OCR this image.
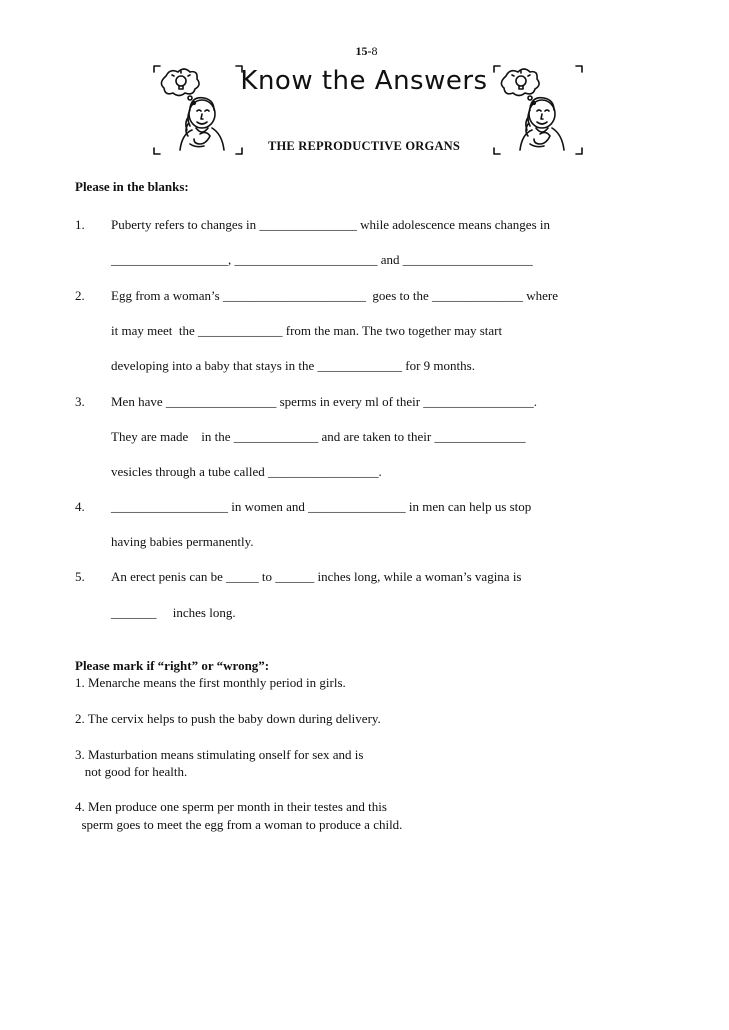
15-8
Know the Answers
THE REPRODUCTIVE ORGANS
Please in the blanks:
1. Puberty refers to changes in _______________ while adolescence means changes in
__________________, ______________________ and ____________________
2. Egg from a woman’s ______________________  goes to the ______________ where
it may meet  the _____________ from the man. The two together may start
developing into a baby that stays in the _____________ for 9 months.
3. Men have _________________ sperms in every ml of their _________________.
They are made    in the _____________ and are taken to their ______________
vesicles through a tube called _________________.
4. __________________ in women and _______________ in men can help us stop
having babies permanently.
5. An erect penis can be _____ to ______ inches long, while a woman’s vagina is
_______     inches long.
Please mark if “right” or “wrong”:
1. Menarche means the first monthly period in girls.
2. The cervix helps to push the baby down during delivery.
3. Masturbation means stimulating onself for sex and is
not good for health.
4. Men produce one sperm per month in their testes and this
sperm goes to meet the egg from a woman to produce a child.
